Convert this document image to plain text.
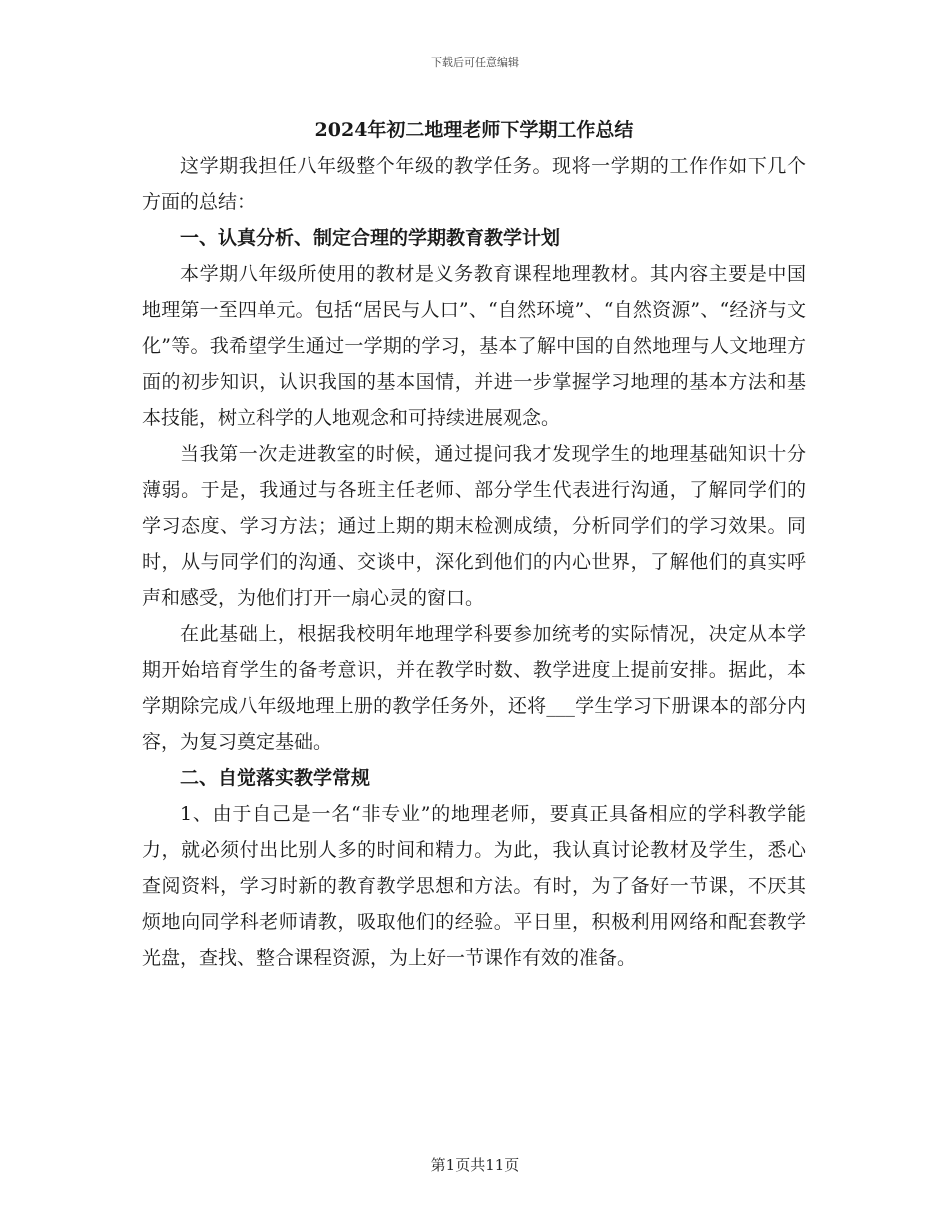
下载后可任意编辑

2024年初二地理老师下学期工作总结

这学期我担任八年级整个年级的教学任务。现将一学期的工作作如下几个方面的总结：

一、认真分析、制定合理的学期教育教学计划

本学期八年级所使用的教材是义务教育课程地理教材。其内容主要是中国地理第一至四单元。包括“居民与人口”、“自然环境”、“自然资源”、“经济与文化”等。我希望学生通过一学期的学习，基本了解中国的自然地理与人文地理方面的初步知识，认识我国的基本国情，并进一步掌握学习地理的基本方法和基本技能，树立科学的人地观念和可持续进展观念。

当我第一次走进教室的时候，通过提问我才发现学生的地理基础知识十分薄弱。于是，我通过与各班主任老师、部分学生代表进行沟通，了解同学们的学习态度、学习方法；通过上期的期末检测成绩，分析同学们的学习效果。同时，从与同学们的沟通、交谈中，深化到他们的内心世界，了解他们的真实呼声和感受，为他们打开一扇心灵的窗口。

在此基础上，根据我校明年地理学科要参加统考的实际情况，决定从本学期开始培育学生的备考意识，并在教学时数、教学进度上提前安排。据此，本学期除完成八年级地理上册的教学任务外，还将___学生学习下册课本的部分内容，为复习奠定基础。

二、自觉落实教学常规

1、由于自己是一名“非专业”的地理老师，要真正具备相应的学科教学能力，就必须付出比别人多的时间和精力。为此，我认真讨论教材及学生，悉心查阅资料，学习时新的教育教学思想和方法。有时，为了备好一节课，不厌其烦地向同学科老师请教，吸取他们的经验。平日里，积极利用网络和配套教学光盘，查找、整合课程资源，为上好一节课作有效的准备。

第1页共11页
